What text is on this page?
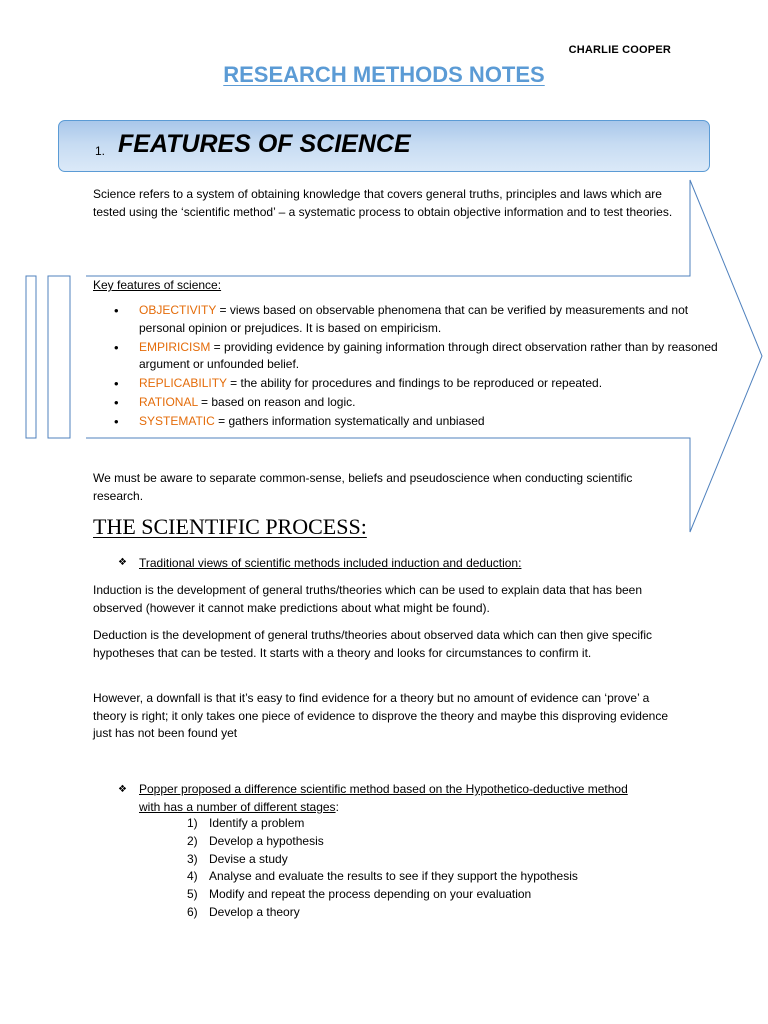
CHARLIE COOPER
RESEARCH METHODS NOTES
1. FEATURES OF SCIENCE
Science refers to a system of obtaining knowledge that covers general truths, principles and laws which are tested using the ‘scientific method’ – a systematic process to obtain objective information and to test theories.
Key features of science:
• OBJECTIVITY = views based on observable phenomena that can be verified by measurements and not personal opinion or prejudices. It is based on empiricism.
• EMPIRICISM = providing evidence by gaining information through direct observation rather than by reasoned argument or unfounded belief.
• REPLICABILITY = the ability for procedures and findings to be reproduced or repeated.
• RATIONAL = based on reason and logic.
• SYSTEMATIC = gathers information systematically and unbiased
We must be aware to separate common-sense, beliefs and pseudoscience when conducting scientific research.
THE SCIENTIFIC PROCESS:
❖ Traditional views of scientific methods included induction and deduction:
Induction is the development of general truths/theories which can be used to explain data that has been observed (however it cannot make predictions about what might be found).
Deduction is the development of general truths/theories about observed data which can then give specific hypotheses that can be tested. It starts with a theory and looks for circumstances to confirm it.
However, a downfall is that it’s easy to find evidence for a theory but no amount of evidence can ‘prove’ a theory is right; it only takes one piece of evidence to disprove the theory and maybe this disproving evidence just has not been found yet
❖ Popper proposed a difference scientific method based on the Hypothetico-deductive method with has a number of different stages:
1) Identify a problem
2) Develop a hypothesis
3) Devise a study
4) Analyse and evaluate the results to see if they support the hypothesis
5) Modify and repeat the process depending on your evaluation
6) Develop a theory
